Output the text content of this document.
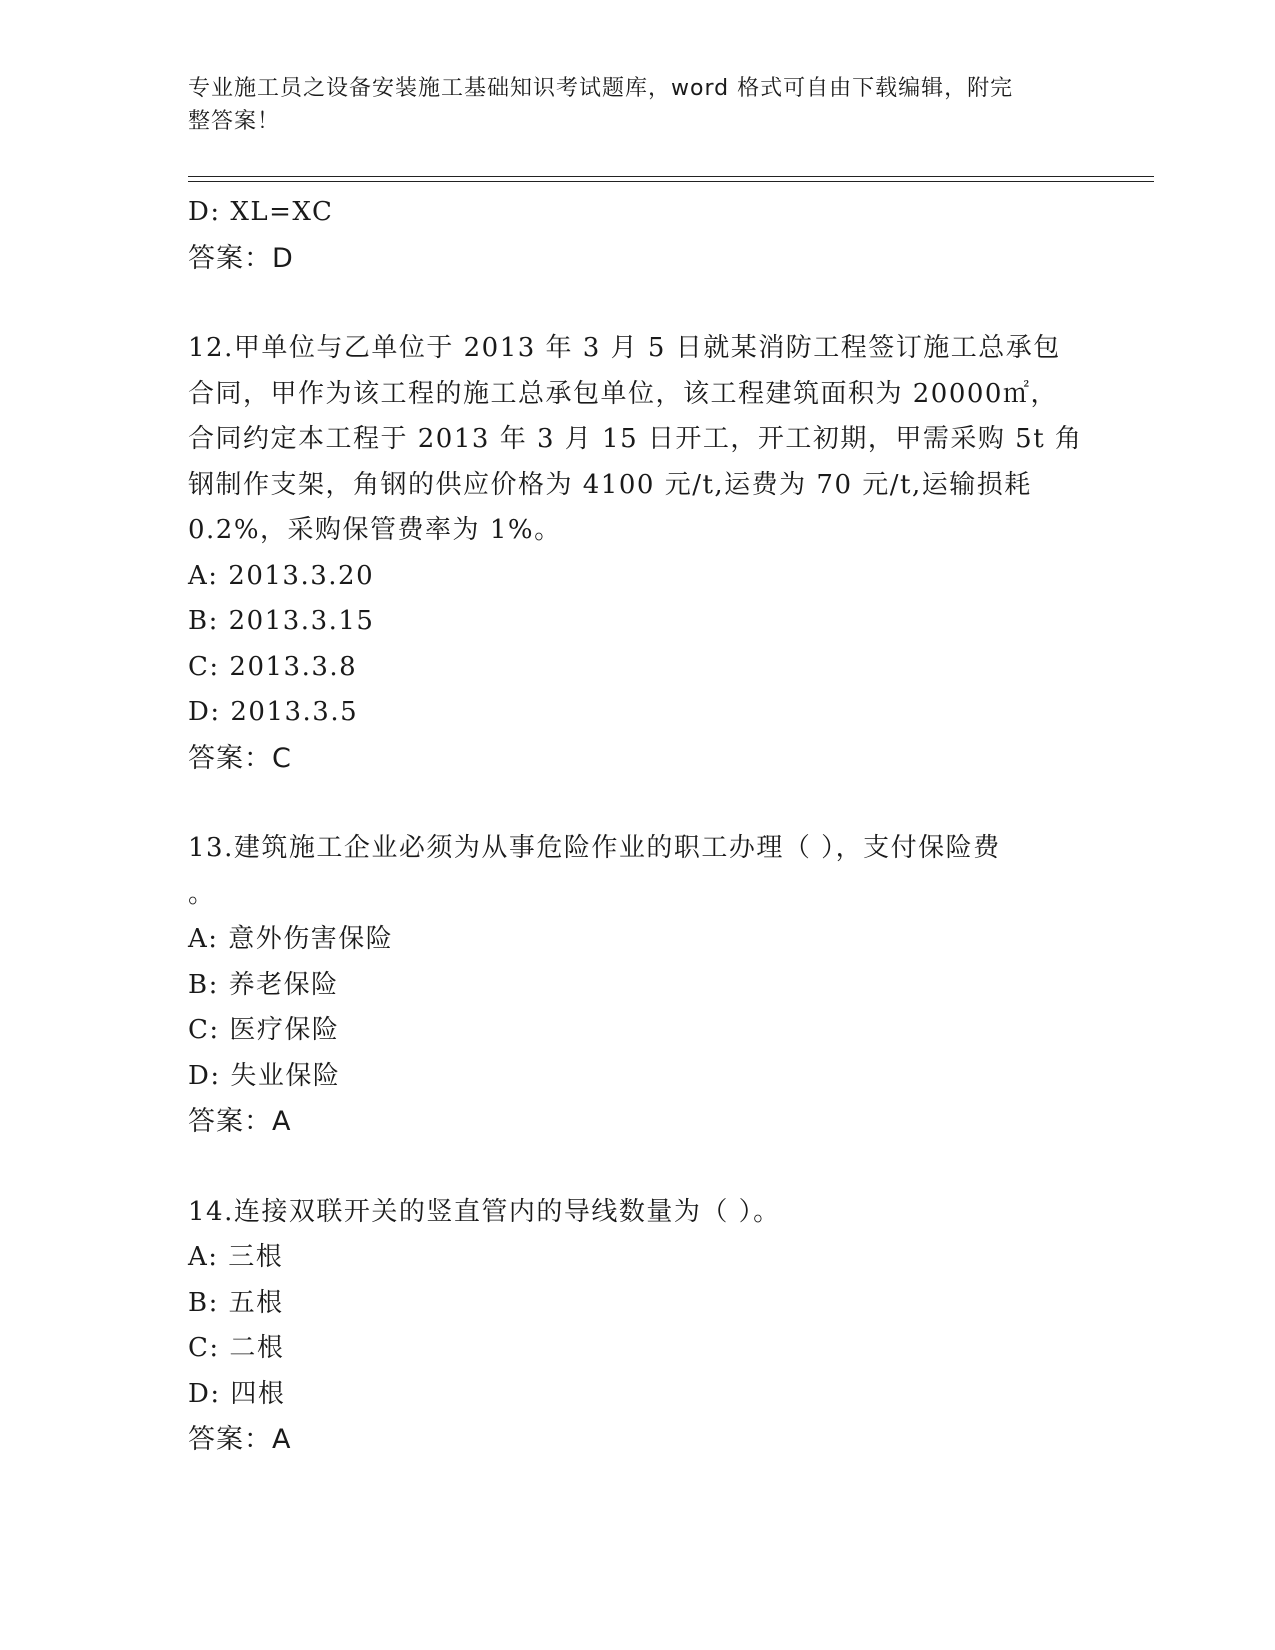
专业施工员之设备安装施工基础知识考试题库，word 格式可自由下载编辑，附完
整答案！
D: XL=XC
答案：D
12.甲单位与乙单位于 2013 年 3 月 5 日就某消防工程签订施工总承包
合同，甲作为该工程的施工总承包单位，该工程建筑面积为 20000㎡，
合同约定本工程于 2013 年 3 月 15 日开工，开工初期，甲需采购 5t 角
钢制作支架，角钢的供应价格为 4100 元/t,运费为 70 元/t,运输损耗
0.2%，采购保管费率为 1%。
A: 2013.3.20
B: 2013.3.15
C: 2013.3.8
D: 2013.3.5
答案：C
13.建筑施工企业必须为从事危险作业的职工办理（ ），支付保险费
。
A: 意外伤害保险
B: 养老保险
C: 医疗保险
D: 失业保险
答案：A
14.连接双联开关的竖直管内的导线数量为（ ）。
A: 三根
B: 五根
C: 二根
D: 四根
答案：A
